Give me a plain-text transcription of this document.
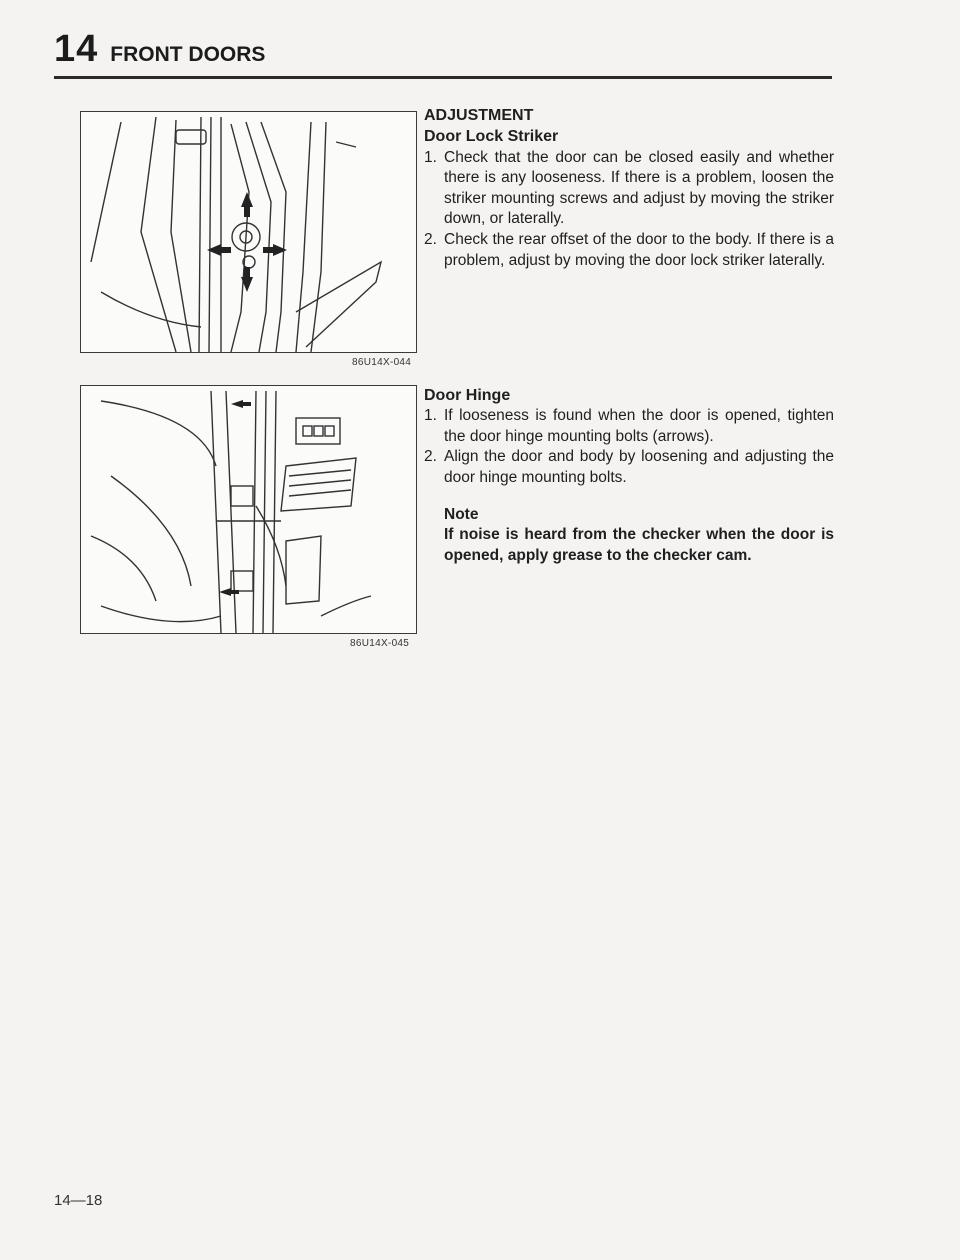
14 FRONT DOORS
86U14X-044
86U14X-045
ADJUSTMENT
Door Lock Striker
1. Check that the door can be closed easily and whether there is any looseness. If there is a problem, loosen the striker mounting screws and adjust by moving the striker down, or laterally.
2. Check the rear offset of the door to the body. If there is a problem, adjust by moving the door lock striker laterally.
Door Hinge
1. If looseness is found when the door is opened, tighten the door hinge mounting bolts (arrows).
2. Align the door and body by loosening and adjusting the door hinge mounting bolts.
Note
If noise is heard from the checker when the door is opened, apply grease to the checker cam.
14—18
